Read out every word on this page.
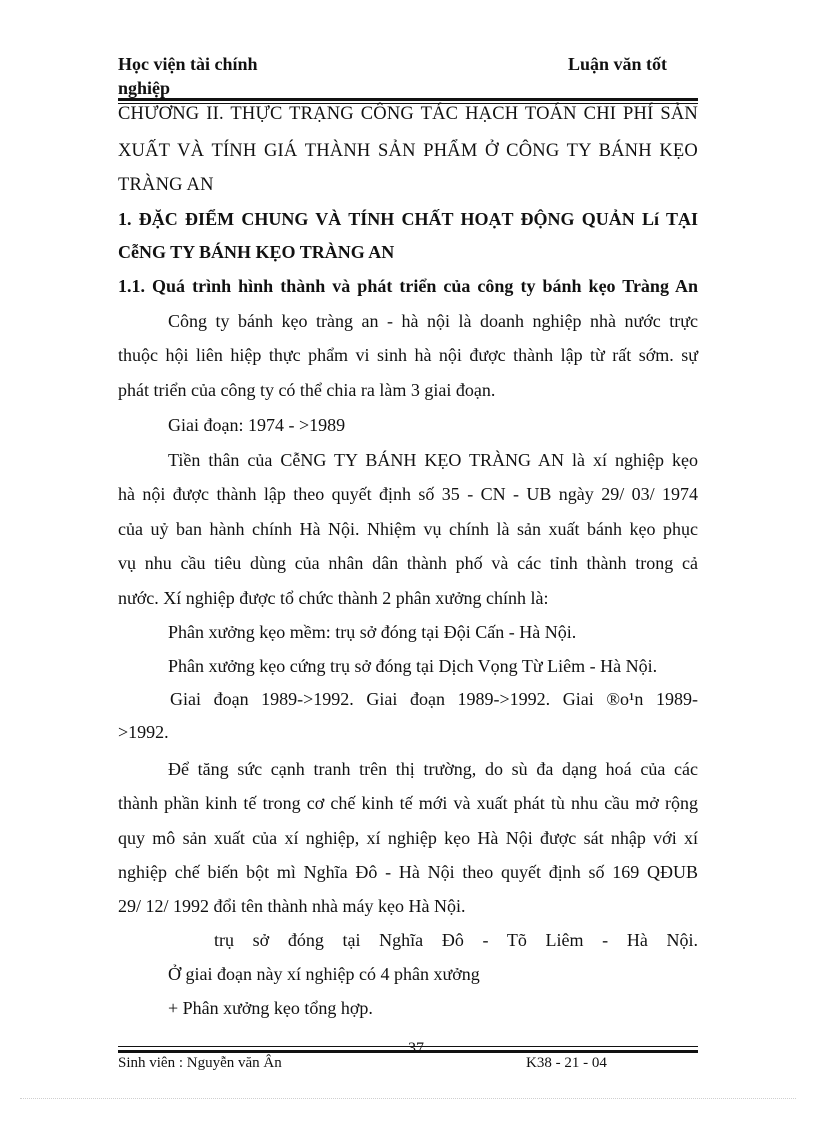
Học viện tài chính
nghiệp
Luận văn tốt
CHƯƠNG II. THỰC TRẠNG CÔNG TÁC HẠCH TOÁN CHI PHÍ SẢN
XUẤT VÀ TÍNH GIÁ THÀNH SẢN PHẨM Ở CÔNG TY BÁNH KẸO
TRÀNG AN
1. ĐẶC ĐIỂM CHUNG VÀ TÍNH CHẤT HOẠT ĐỘNG QUẢN Lí TẠI
CễNG TY BÁNH KẸO TRÀNG AN
1.1. Quá trình hình thành và phát triển của công ty bánh kẹo Tràng An
Công ty bánh kẹo tràng an - hà nội là doanh nghiệp nhà nước trực
thuộc hội liên hiệp thực phẩm vi sinh hà nội được thành lập từ rất sớm. sự
phát triển của công ty có thể chia ra làm 3 giai đoạn.
Giai đoạn: 1974 - >1989
Tiền thân của CễNG TY BÁNH KẸO TRÀNG AN là xí nghiệp kẹo
hà nội được thành lập theo quyết định số 35 - CN - UB ngày 29/ 03/ 1974
của uỷ ban hành chính Hà Nội. Nhiệm vụ chính là sản xuất bánh kẹo phục
vụ nhu cầu tiêu dùng của nhân dân thành phố và các tỉnh thành trong cả
nước. Xí nghiệp được tổ chức thành 2 phân xưởng chính là:
Phân xưởng kẹo mềm: trụ sở đóng tại Đội Cấn - Hà Nội.
Phân xưởng kẹo cứng trụ sở đóng tại Dịch Vọng Từ Liêm - Hà Nội.
Giai đoạn 1989->1992. Giai đoạn 1989->1992. Giai ®o¹n 1989-
>1992.
Để tăng sức cạnh tranh trên thị trường, do sù đa dạng hoá của các
thành phần kinh tế trong cơ chế kinh tế mới và xuất phát tù nhu cầu mở rộng
quy mô sản xuất của xí nghiệp, xí nghiệp kẹo Hà Nội được sát nhập với xí
nghiệp chế biến bột mì Nghĩa Đô - Hà Nội theo quyết định số 169 QĐUB
29/ 12/ 1992 đổi tên thành nhà máy kẹo Hà Nội.
trụ sở đóng tại Nghĩa Đô - Tõ Liêm - Hà Nội.
Ở giai đoạn này xí nghiệp có 4 phân xưởng
+ Phân xưởng kẹo tổng hợp.
Sinh viên : Nguyễn văn Ân
37
K38 - 21 - 04
